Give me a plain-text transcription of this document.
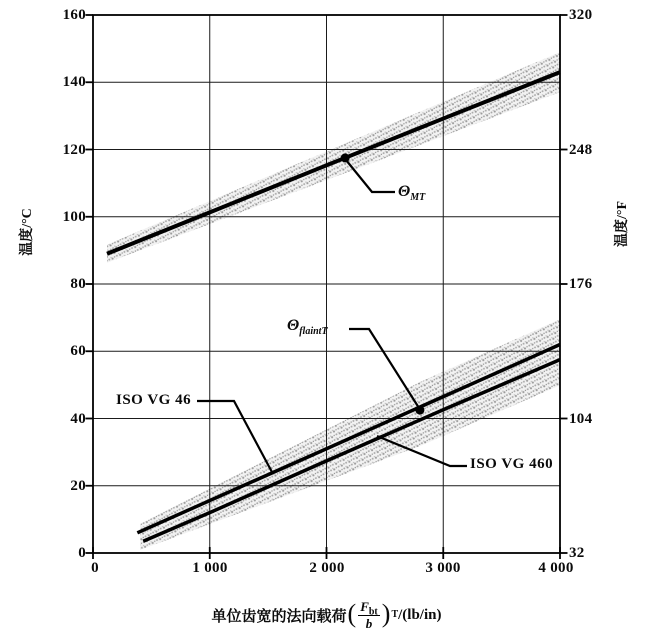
160
140
120
100
80
60
40
20
0
320
248
176
104
32
0	1 000	2 000	3 000	4 000
温度/°C	温度/°F
单位齿宽的法向载荷 ( $\frac{F_{bt}}{b}$ ) T /(lb/in)
$\Theta_{MT}$
$\Theta_{flaintT}$
ISO VG 46
ISO VG 460
